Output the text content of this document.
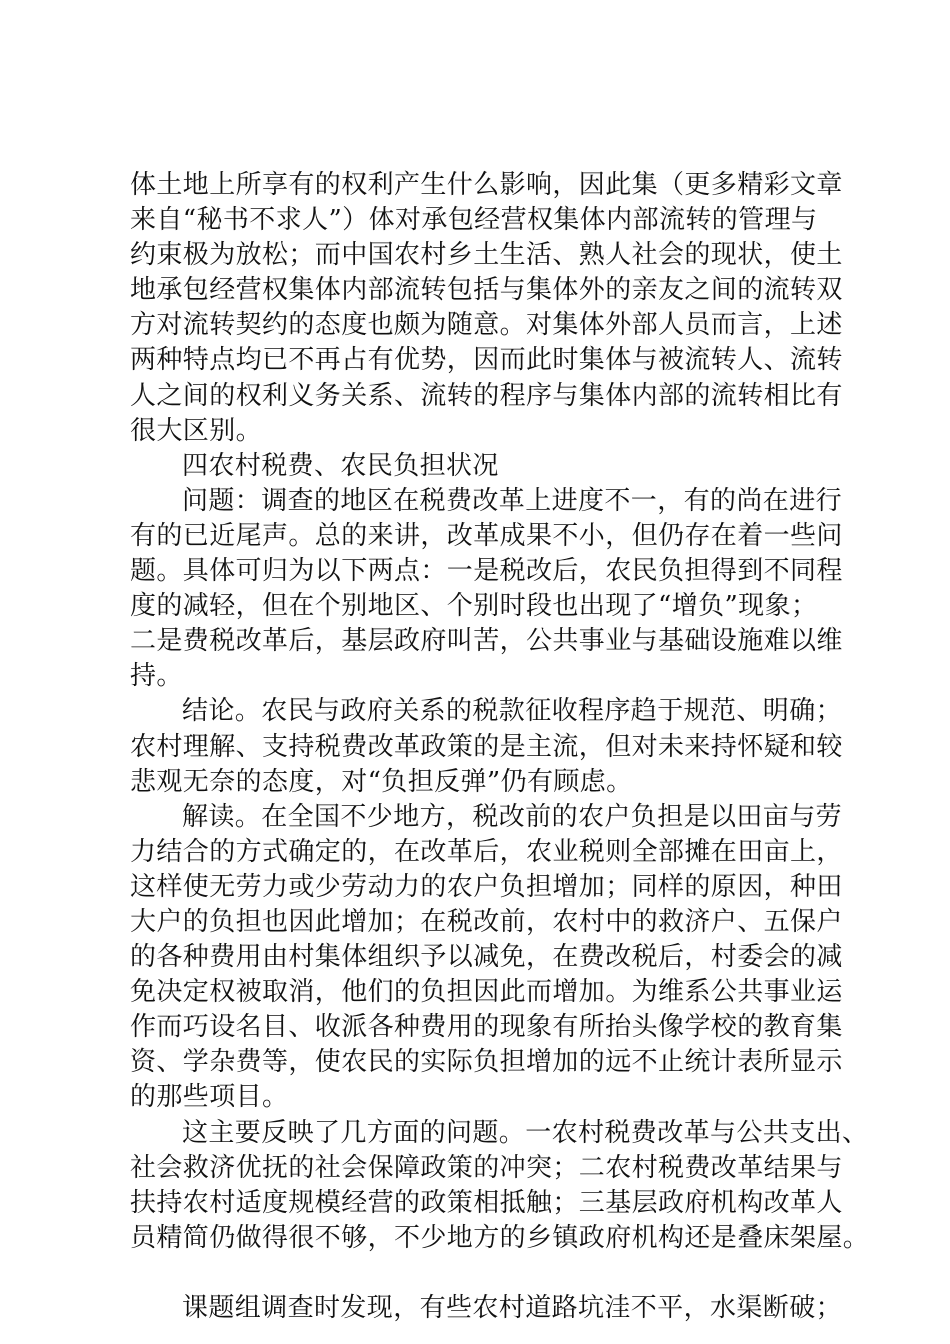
体土地上所享有的权利产生什么影响，因此集（更多精彩文章
来自“秘书不求人”）体对承包经营权集体内部流转的管理与
约束极为放松；而中国农村乡土生活、熟人社会的现状，使土
地承包经营权集体内部流转包括与集体外的亲友之间的流转双
方对流转契约的态度也颇为随意。对集体外部人员而言，上述
两种特点均已不再占有优势，因而此时集体与被流转人、流转
人之间的权利义务关系、流转的程序与集体内部的流转相比有
很大区别。
四农村税费、农民负担状况
问题：调查的地区在税费改革上进度不一，有的尚在进行
有的已近尾声。总的来讲，改革成果不小，但仍存在着一些问
题。具体可归为以下两点：一是税改后，农民负担得到不同程
度的减轻，但在个别地区、个别时段也出现了“增负”现象；
二是费税改革后，基层政府叫苦，公共事业与基础设施难以维
持。
结论。农民与政府关系的税款征收程序趋于规范、明确；
农村理解、支持税费改革政策的是主流，但对未来持怀疑和较
悲观无奈的态度，对“负担反弹”仍有顾虑。
解读。在全国不少地方，税改前的农户负担是以田亩与劳
力结合的方式确定的，在改革后，农业税则全部摊在田亩上，
这样使无劳力或少劳动力的农户负担增加；同样的原因，种田
大户的负担也因此增加；在税改前，农村中的救济户、五保户
的各种费用由村集体组织予以减免，在费改税后，村委会的减
免决定权被取消，他们的负担因此而增加。为维系公共事业运
作而巧设名目、收派各种费用的现象有所抬头像学校的教育集
资、学杂费等，使农民的实际负担增加的远不止统计表所显示
的那些项目。
这主要反映了几方面的问题。一农村税费改革与公共支出、
社会救济优抚的社会保障政策的冲突；二农村税费改革结果与
扶持农村适度规模经营的政策相抵触；三基层政府机构改革人
员精简仍做得很不够，不少地方的乡镇政府机构还是叠床架屋。
课题组调查时发现，有些农村道路坑洼不平，水渠断破；
